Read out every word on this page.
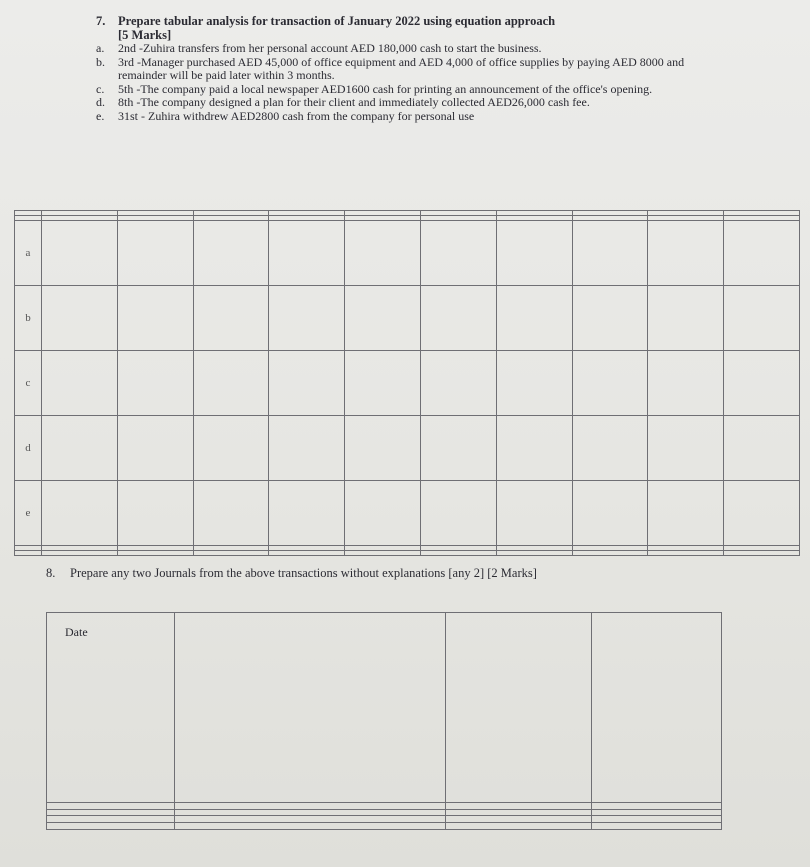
7. Prepare tabular analysis for transaction of January 2022 using equation approach
[5 Marks]
a.	2nd -Zuhira transfers from her personal account AED 180,000 cash to start the business.
b.	3rd -Manager purchased AED 45,000 of office equipment and AED 4,000 of office supplies by paying AED 8000 and remainder will be paid later within 3 months.
c.	5th -The company paid a local newspaper AED1600 cash for printing an announcement of the office's opening.
d.	8th -The company designed a plan for their client and immediately collected AED26,000 cash fee.
e.	31st - Zuhira withdrew AED2800 cash from the company for personal use

a										
b										
c										
d										
e										

8.	Prepare any two Journals from the above transactions without explanations [any 2] [2 Marks]
Date			
